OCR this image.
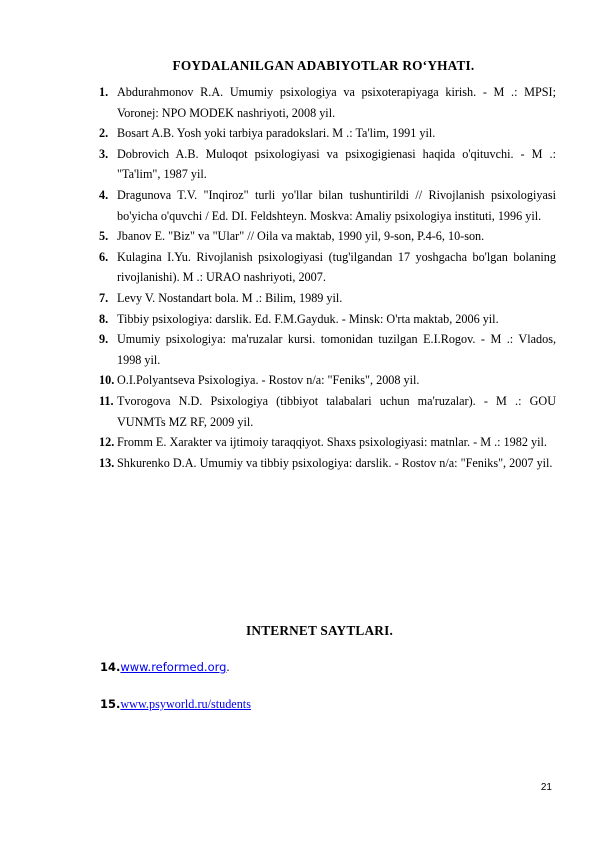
FOYDALANILGAN ADABIYOTLAR RO‘YHATI.
1. Abdurahmonov R.A. Umumiy psixologiya va psixoterapiyaga kirish. - M .: MPSI; Voronej: NPO MODEK nashriyoti, 2008 yil.
2. Bosart A.B. Yosh yoki tarbiya paradokslari. M .: Ta'lim, 1991 yil.
3. Dobrovich A.B. Muloqot psixologiyasi va psixogigienasi haqida o'qituvchi. - M .: "Ta'lim", 1987 yil.
4. Dragunova T.V. "Inqiroz" turli yo'llar bilan tushuntirildi // Rivojlanish psixologiyasi bo'yicha o'quvchi / Ed. DI. Feldshteyn. Moskva: Amaliy psixologiya instituti, 1996 yil.
5. Jbanov E. "Biz" va "Ular" // Oila va maktab, 1990 yil, 9-son, P.4-6, 10-son.
6. Kulagina I.Yu. Rivojlanish psixologiyasi (tug'ilgandan 17 yoshgacha bo'lgan bolaning rivojlanishi). M .: URAO nashriyoti, 2007.
7. Levy V. Nostandart bola. M .: Bilim, 1989 yil.
8. Tibbiy psixologiya: darslik. Ed. F.M.Gayduk. - Minsk: O'rta maktab, 2006 yil.
9. Umumiy psixologiya: ma'ruzalar kursi. tomonidan tuzilgan E.I.Rogov. - M .: Vlados, 1998 yil.
10. O.I.Polyantseva Psixologiya. - Rostov n/a: "Feniks", 2008 yil.
11. Tvorogova N.D. Psixologiya (tibbiyot talabalari uchun ma'ruzalar). - M .: GOU VUNMTs MZ RF, 2009 yil.
12. Fromm E. Xarakter va ijtimoiy taraqqiyot. Shaxs psixologiyasi: matnlar. - M .: 1982 yil.
13. Shkurenko D.A. Umumiy va tibbiy psixologiya: darslik. - Rostov n/a: "Feniks", 2007 yil.
INTERNET SAYTLARI.
14.www.reformed.org.
15.www.psyworld.ru/students
21
